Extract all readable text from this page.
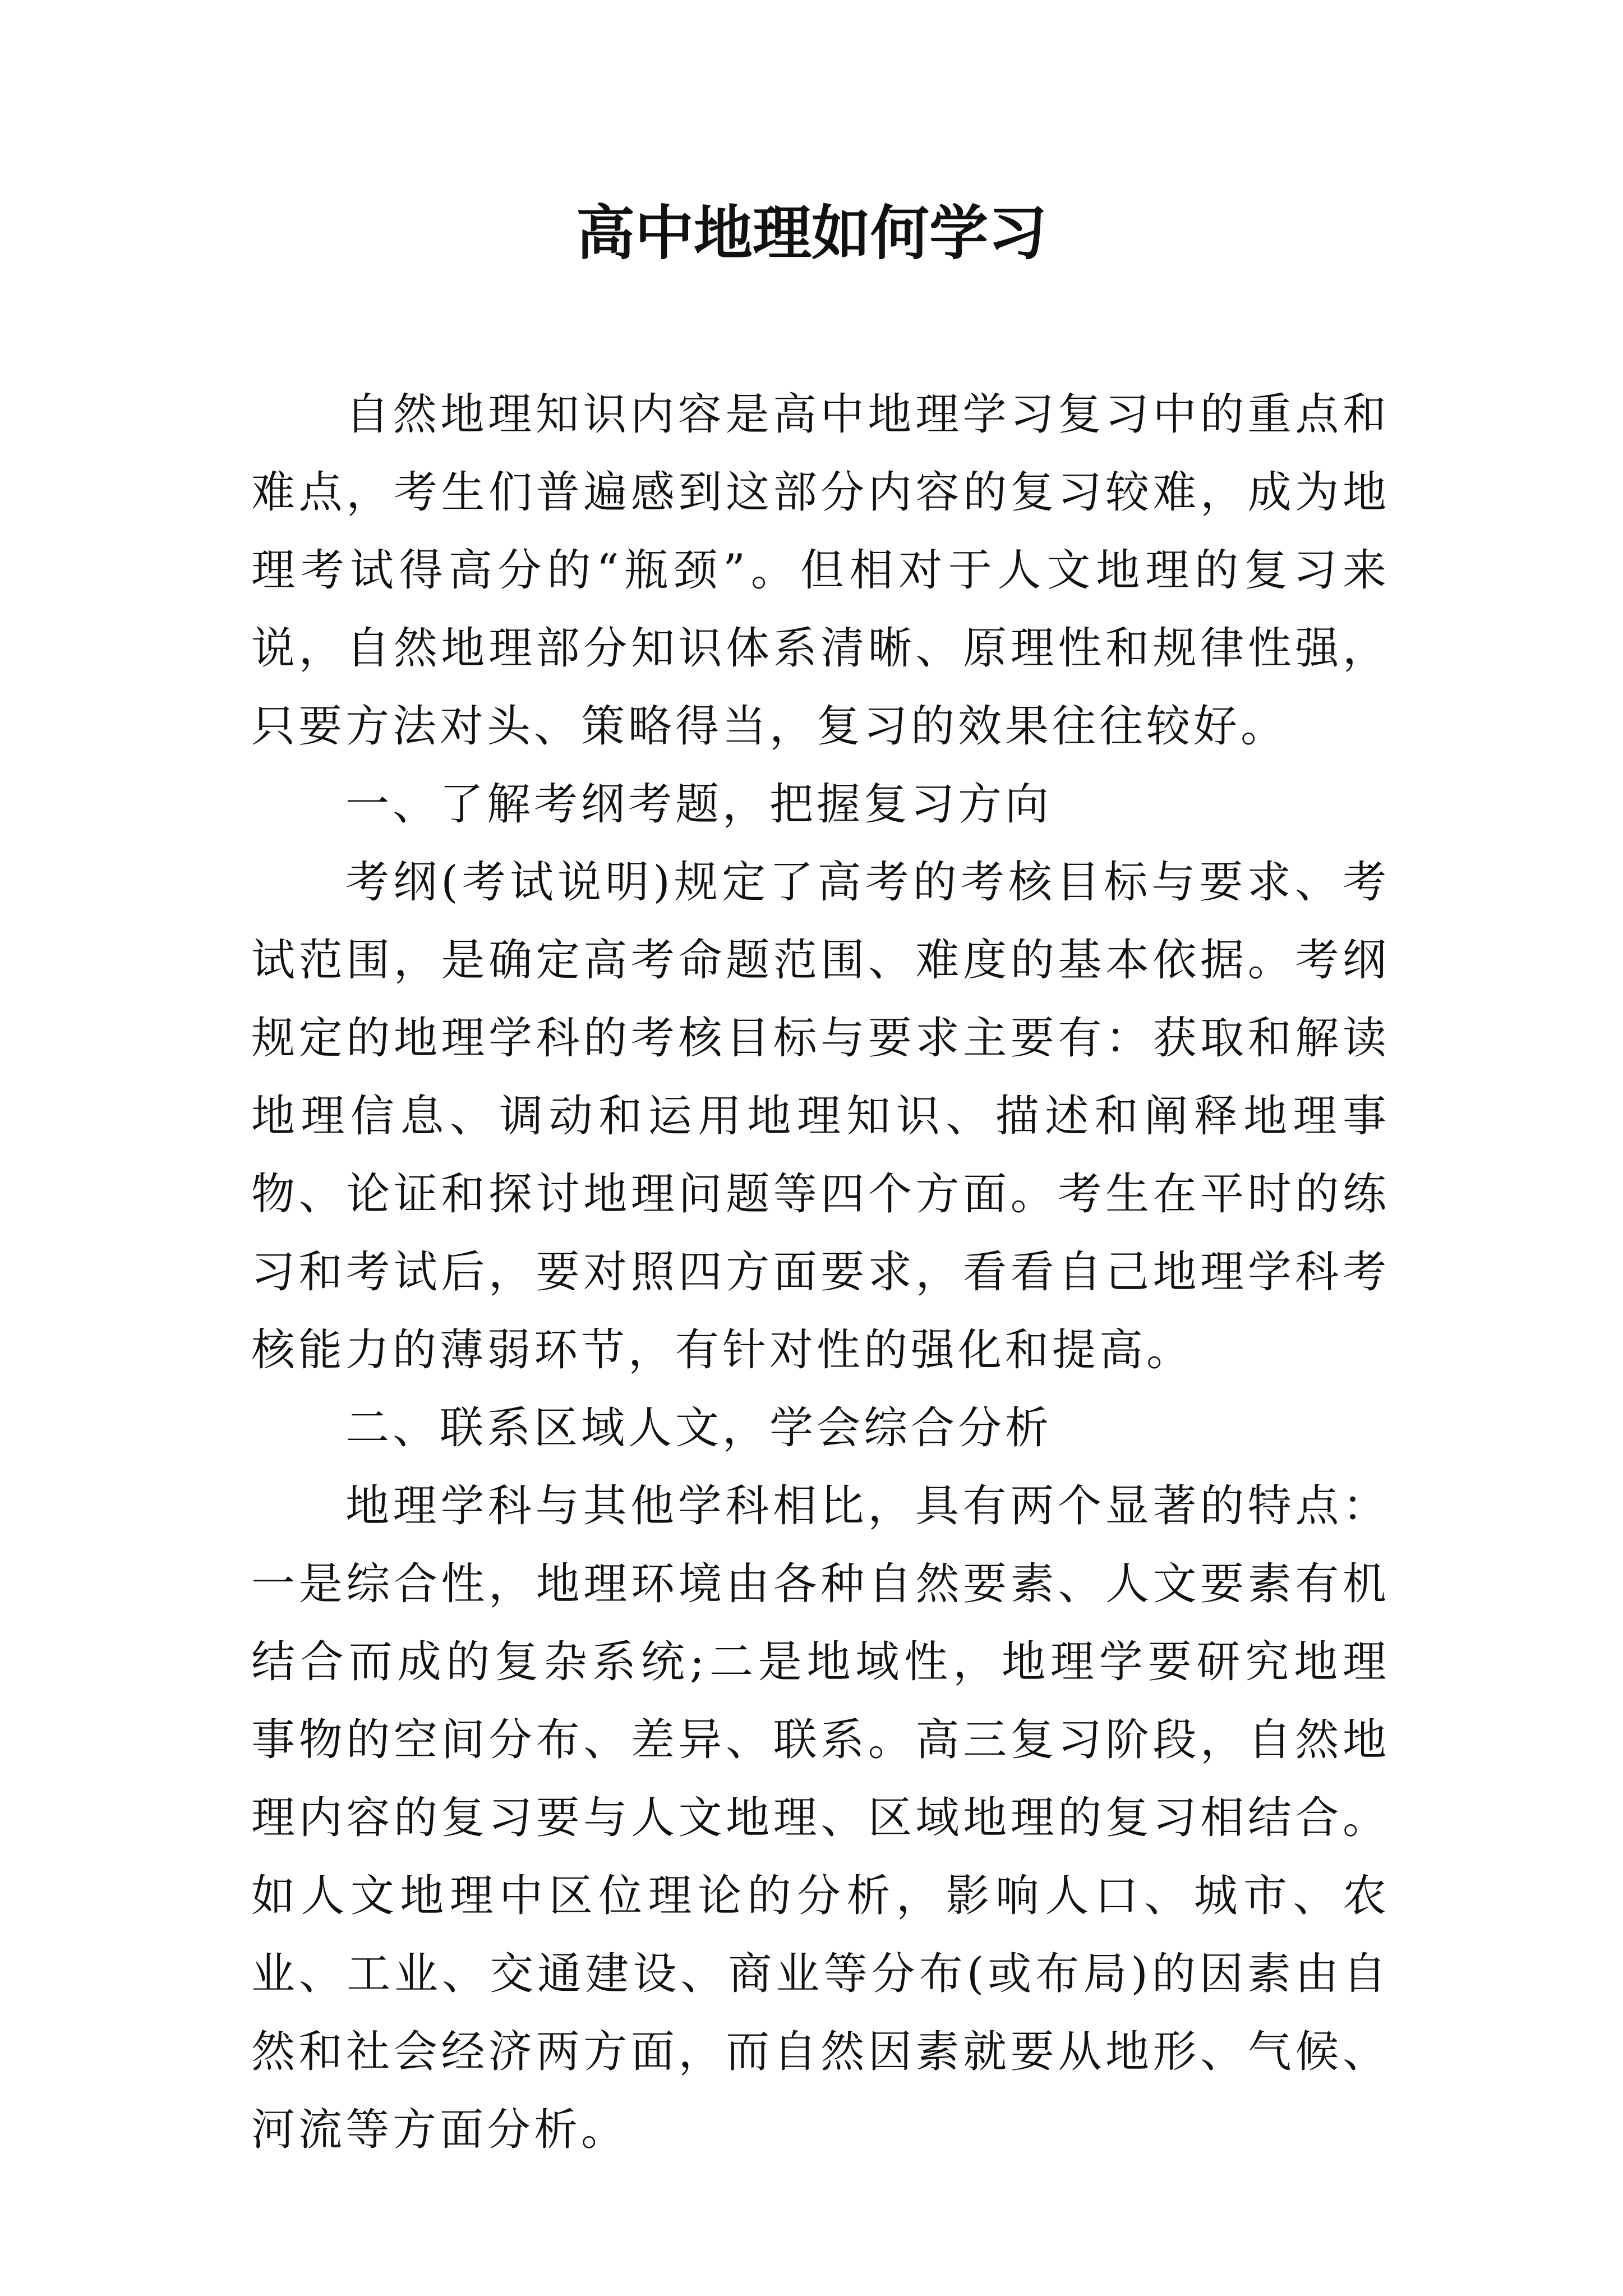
高中地理如何学习

自然地理知识内容是高中地理学习复习中的重点和难点，考生们普遍感到这部分内容的复习较难，成为地理考试得高分的“瓶颈”。但相对于人文地理的复习来说，自然地理部分知识体系清晰、原理性和规律性强，只要方法对头、策略得当，复习的效果往往较好。

一、了解考纲考题，把握复习方向

考纲(考试说明)规定了高考的考核目标与要求、考试范围，是确定高考命题范围、难度的基本依据。考纲规定的地理学科的考核目标与要求主要有：获取和解读地理信息、调动和运用地理知识、描述和阐释地理事物、论证和探讨地理问题等四个方面。考生在平时的练习和考试后，要对照四方面要求，看看自己地理学科考核能力的薄弱环节，有针对性的强化和提高。

二、联系区域人文，学会综合分析

地理学科与其他学科相比，具有两个显著的特点：一是综合性，地理环境由各种自然要素、人文要素有机结合而成的复杂系统;二是地域性，地理学要研究地理事物的空间分布、差异、联系。高三复习阶段，自然地理内容的复习要与人文地理、区域地理的复习相结合。如人文地理中区位理论的分析，影响人口、城市、农业、工业、交通建设、商业等分布(或布局)的因素由自然和社会经济两方面，而自然因素就要从地形、气候、河流等方面分析。
